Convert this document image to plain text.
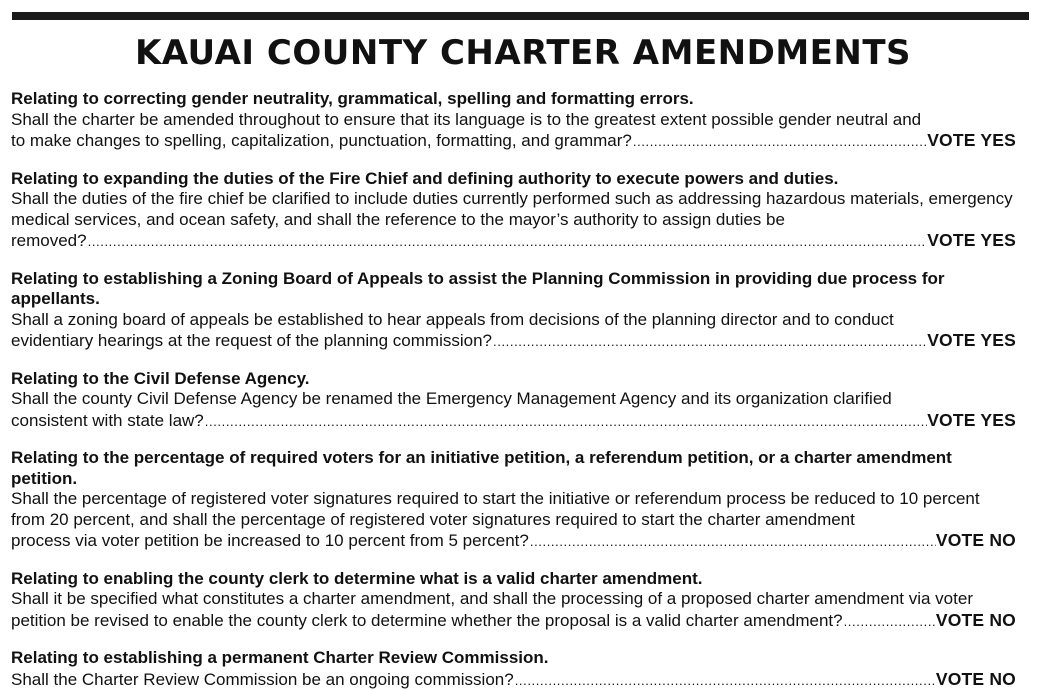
KAUAI COUNTY CHARTER AMENDMENTS

Relating to correcting gender neutrality, grammatical, spelling and formatting errors.

Shall the charter be amended throughout to ensure that its language is to the greatest extent possible gender neutral and

to make changes to spelling, capitalization, punctuation, formatting, and grammar? .....	VOTE YES

Relating to expanding the duties of the Fire Chief and defining authority to execute powers and duties.

Shall the duties of the fire chief be clarified to include duties currently performed such as addressing hazardous materials, emergency medical services, and ocean safety, and shall the reference to the mayor’s authority to assign duties be

removed? .....	VOTE YES

Relating to establishing a Zoning Board of Appeals to assist the Planning Commission in providing due process for appellants.

Shall a zoning board of appeals be established to hear appeals from decisions of the planning director and to conduct

evidentiary hearings at the request of the planning commission? .....	VOTE YES

Relating to the Civil Defense Agency.

Shall the county Civil Defense Agency be renamed the Emergency Management Agency and its organization clarified

consistent with state law? .....	VOTE YES

Relating to the percentage of required voters for an initiative petition, a referendum petition, or a charter amendment petition.

Shall the percentage of registered voter signatures required to start the initiative or referendum process be reduced to 10 percent from 20 percent, and shall the percentage of registered voter signatures required to start the charter amendment

process via voter petition be increased to 10 percent from 5 percent? .....	VOTE NO

Relating to enabling the county clerk to determine what is a valid charter amendment.

Shall it be specified what constitutes a charter amendment, and shall the processing of a proposed charter amendment via voter

petition be revised to enable the county clerk to determine whether the proposal is a valid charter amendment? .....	VOTE NO

Relating to establishing a permanent Charter Review Commission.

Shall the Charter Review Commission be an ongoing commission? .....	VOTE NO
